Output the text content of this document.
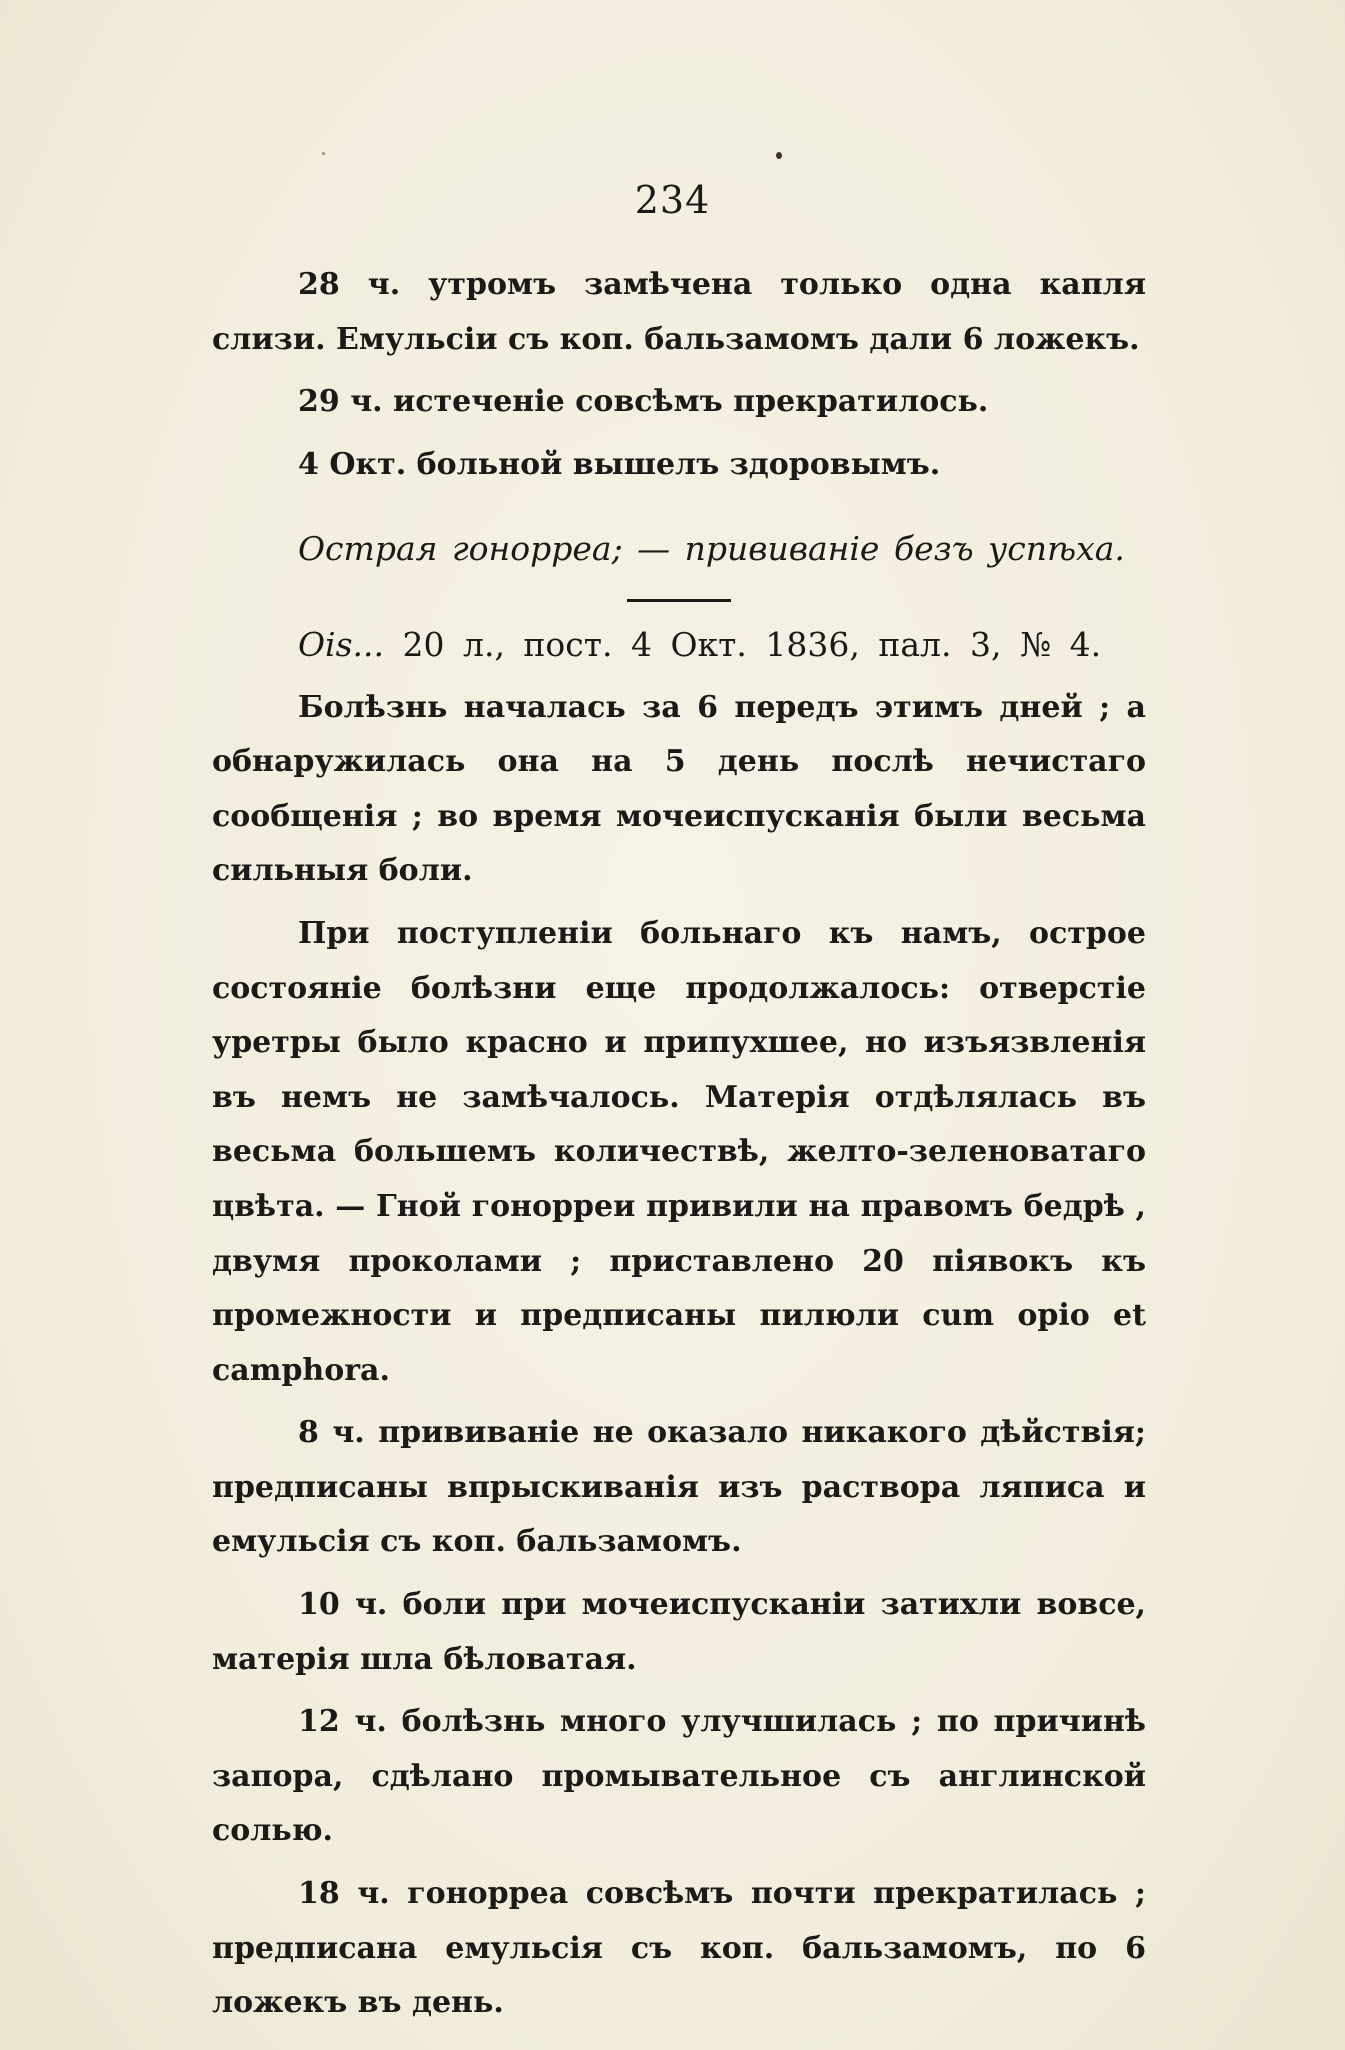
234

28 ч. утромъ замѣчена только одна капля слизи. Емульсіи съ коп. бальзамомъ дали 6 ложекъ.

29 ч. истеченіе совсѣмъ прекратилось.

4 Окт. больной вышелъ здоровымъ.

Острая гонорреа; — прививаніе безъ успѣха.

Ois... 20 л., пост. 4 Окт. 1836, пал. 3, № 4.

Болѣзнь началась за 6 передъ этимъ дней ; а обнаружилась она на 5 день послѣ нечистаго сообщенія ; во время мочеиспусканія были весьма сильныя боли.

При поступленіи больнаго къ намъ, острое состояніе болѣзни еще продолжалось: отверстіе уретры было красно и припухшее, но изъязвленія въ немъ не замѣчалось. Матерія отдѣлялась въ весьма большемъ количествѣ, желто-зеленоватаго цвѣта. — Гной гонорреи привили на правомъ бедрѣ , двумя проколами ; приставлено 20 піявокъ къ промежности и предписаны пилюли cum opio et camphora.

8 ч. прививаніе не оказало никакого дѣйствія; предписаны впрыскиванія изъ раствора ляписа и емульсія съ коп. бальзамомъ.

10 ч. боли при мочеиспусканіи затихли вовсе, матерія шла бѣловатая.

12 ч. болѣзнь много улучшилась ; по причинѣ запора, сдѣлано промывательное съ англинской солью.

18 ч. гонорреа совсѣмъ почти прекратилась ; предписана емульсія съ коп. бальзамомъ, по 6 ложекъ въ день.
